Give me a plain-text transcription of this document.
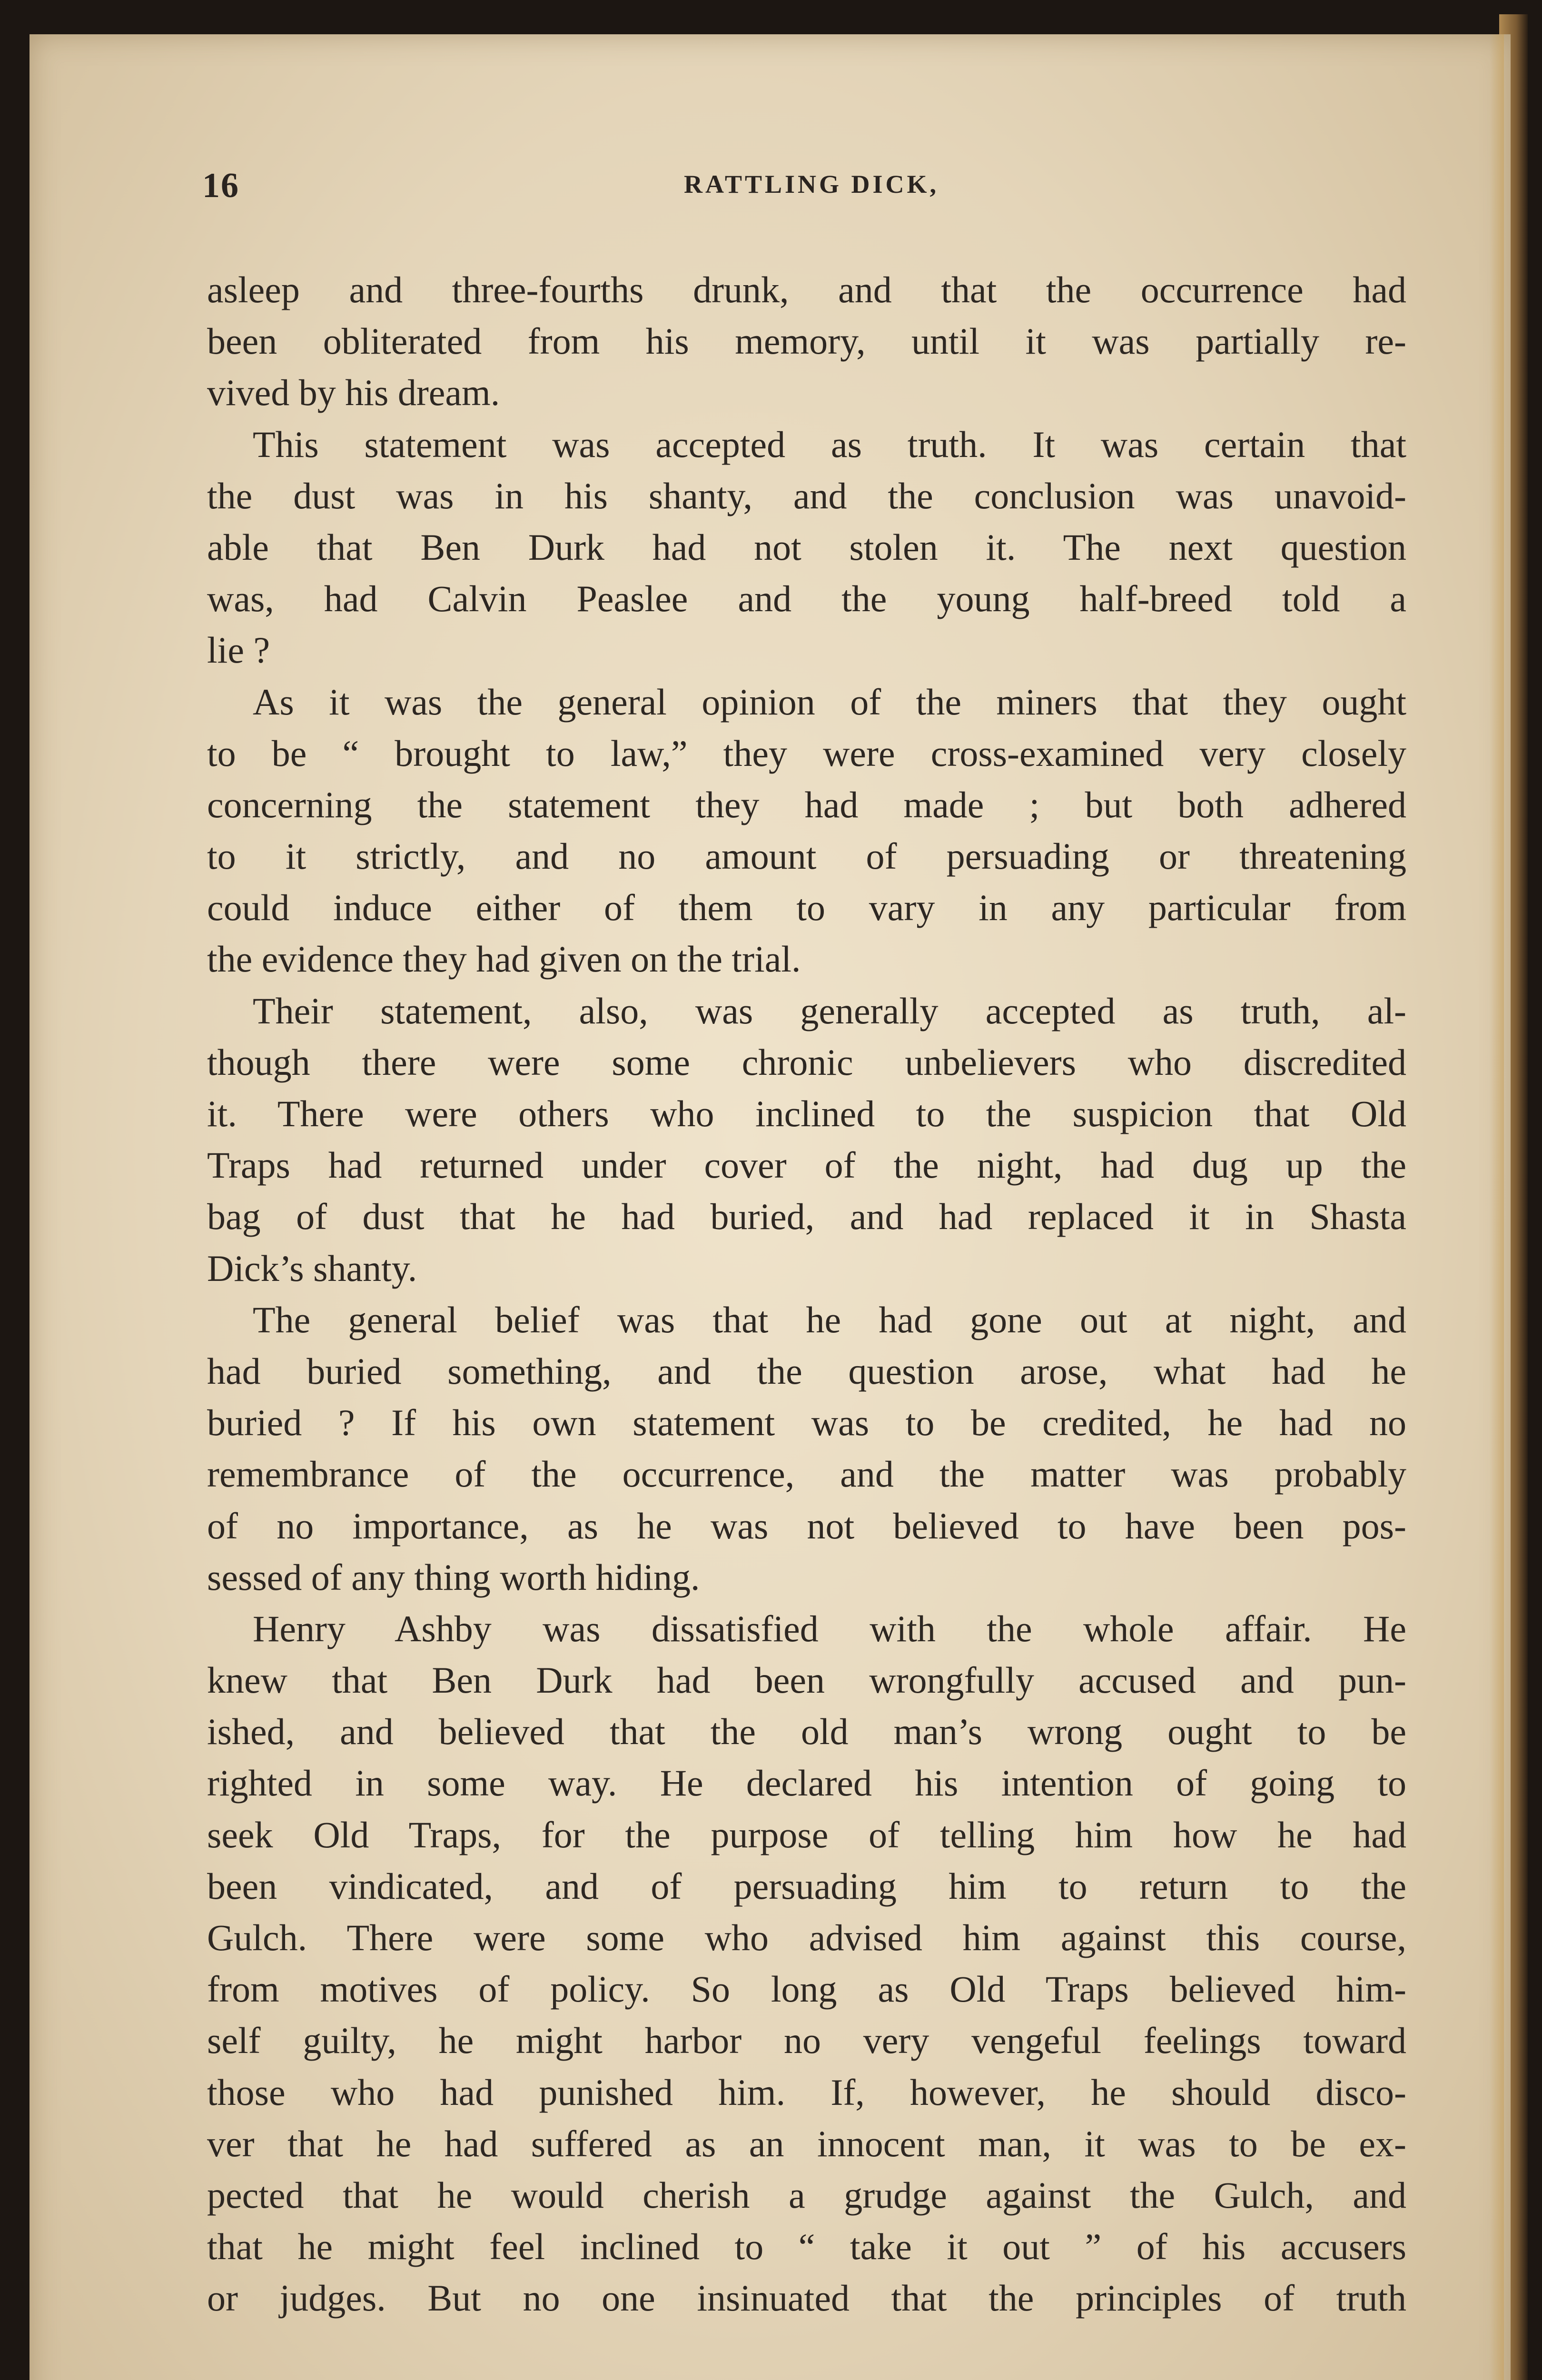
16	RATTLING DICK,
asleep and three-fourths drunk, and that the occurrence had
been obliterated from his memory, until it was partially re-
vived by his dream.
This statement was accepted as truth. It was certain that
the dust was in his shanty, and the conclusion was unavoid-
able that Ben Durk had not stolen it. The next question
was, had Calvin Peaslee and the young half-breed told a
lie ?
As it was the general opinion of the miners that they ought
to be “ brought to law,” they were cross-examined very closely
concerning the statement they had made ; but both adhered
to it strictly, and no amount of persuading or threatening
could induce either of them to vary in any particular from
the evidence they had given on the trial.
Their statement, also, was generally accepted as truth, al-
though there were some chronic unbelievers who discredited
it. There were others who inclined to the suspicion that Old
Traps had returned under cover of the night, had dug up the
bag of dust that he had buried, and had replaced it in Shasta
Dick’s shanty.
The general belief was that he had gone out at night, and
had buried something, and the question arose, what had he
buried ? If his own statement was to be credited, he had no
remembrance of the occurrence, and the matter was probably
of no importance, as he was not believed to have been pos-
sessed of any thing worth hiding.
Henry Ashby was dissatisfied with the whole affair. He
knew that Ben Durk had been wrongfully accused and pun-
ished, and believed that the old man’s wrong ought to be
righted in some way. He declared his intention of going to
seek Old Traps, for the purpose of telling him how he had
been vindicated, and of persuading him to return to the
Gulch. There were some who advised him against this course,
from motives of policy. So long as Old Traps believed him-
self guilty, he might harbor no very vengeful feelings toward
those who had punished him. If, however, he should disco-
ver that he had suffered as an innocent man, it was to be ex-
pected that he would cherish a grudge against the Gulch, and
that he might feel inclined to “ take it out ” of his accusers
or judges. But no one insinuated that the principles of truth
